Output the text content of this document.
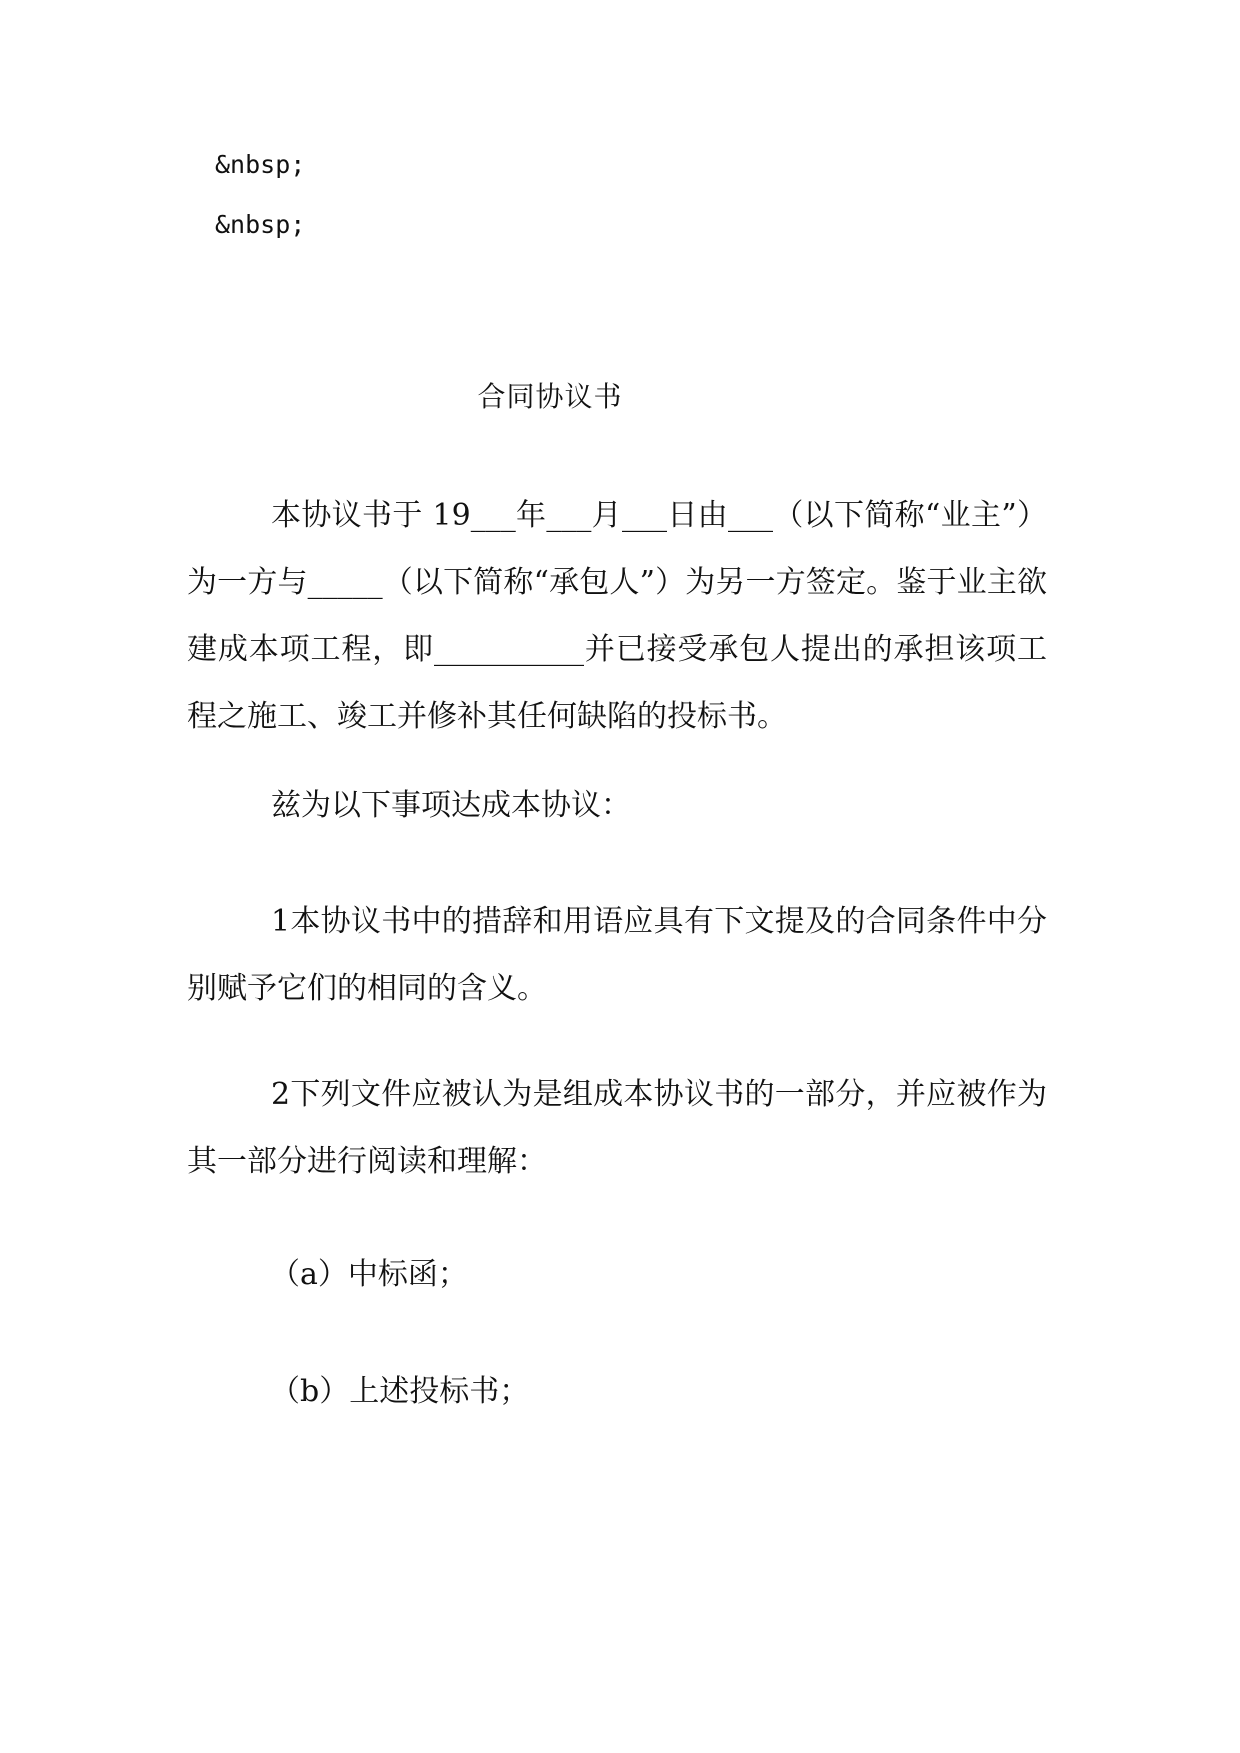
&nbsp;
&nbsp;
合同协议书

本协议书于 19___年___月___日由___（以下简称“业主”）为一方与_____（以下简称“承包人”）为另一方签定。鉴于业主欲建成本项工程，即__________并已接受承包人提出的承担该项工程之施工、竣工并修补其任何缺陷的投标书。

兹为以下事项达成本协议：

1本协议书中的措辞和用语应具有下文提及的合同条件中分别赋予它们的相同的含义。

2下列文件应被认为是组成本协议书的一部分，并应被作为其一部分进行阅读和理解：

（a）中标函；
（b）上述投标书；
